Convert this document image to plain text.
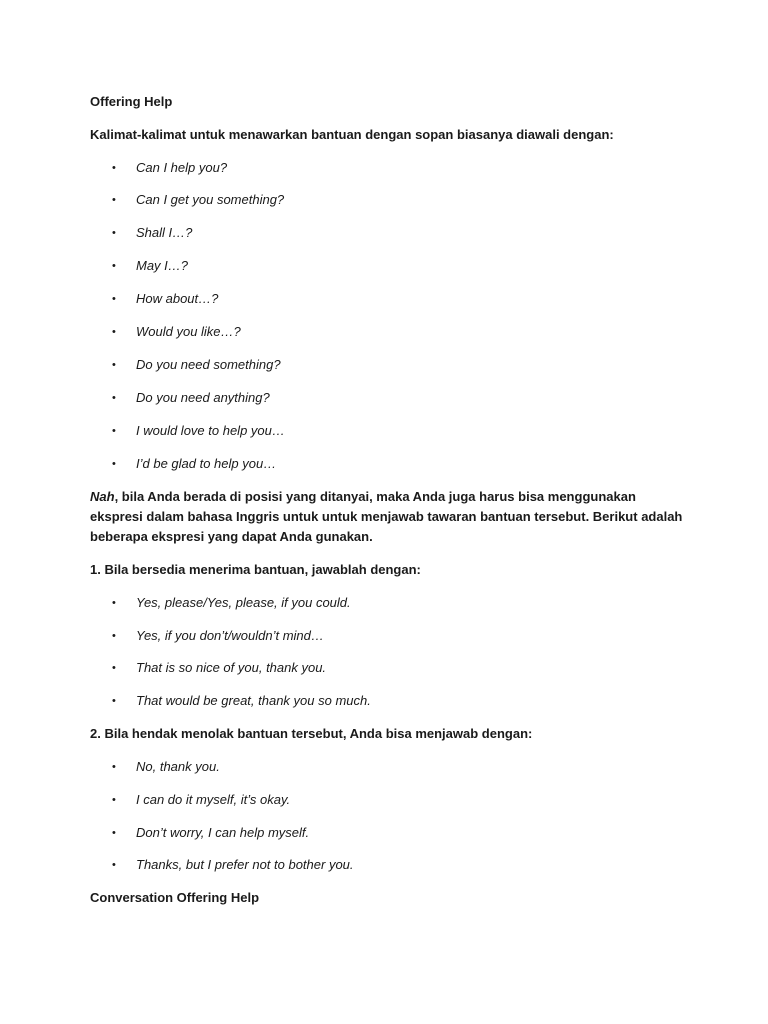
Offering Help

Kalimat-kalimat untuk menawarkan bantuan dengan sopan biasanya diawali dengan:

• Can I help you?
• Can I get you something?
• Shall I…?
• May I…?
• How about…?
• Would you like…?
• Do you need something?
• Do you need anything?
• I would love to help you…
• I’d be glad to help you…

Nah, bila Anda berada di posisi yang ditanyai, maka Anda juga harus bisa menggunakan ekspresi dalam bahasa Inggris untuk untuk menjawab tawaran bantuan tersebut. Berikut adalah beberapa ekspresi yang dapat Anda gunakan.

1. Bila bersedia menerima bantuan, jawablah dengan:

• Yes, please/Yes, please, if you could.
• Yes, if you don’t/wouldn’t mind…
• That is so nice of you, thank you.
• That would be great, thank you so much.

2. Bila hendak menolak bantuan tersebut, Anda bisa menjawab dengan:

• No, thank you.
• I can do it myself, it’s okay.
• Don’t worry, I can help myself.
• Thanks, but I prefer not to bother you.

Conversation Offering Help
